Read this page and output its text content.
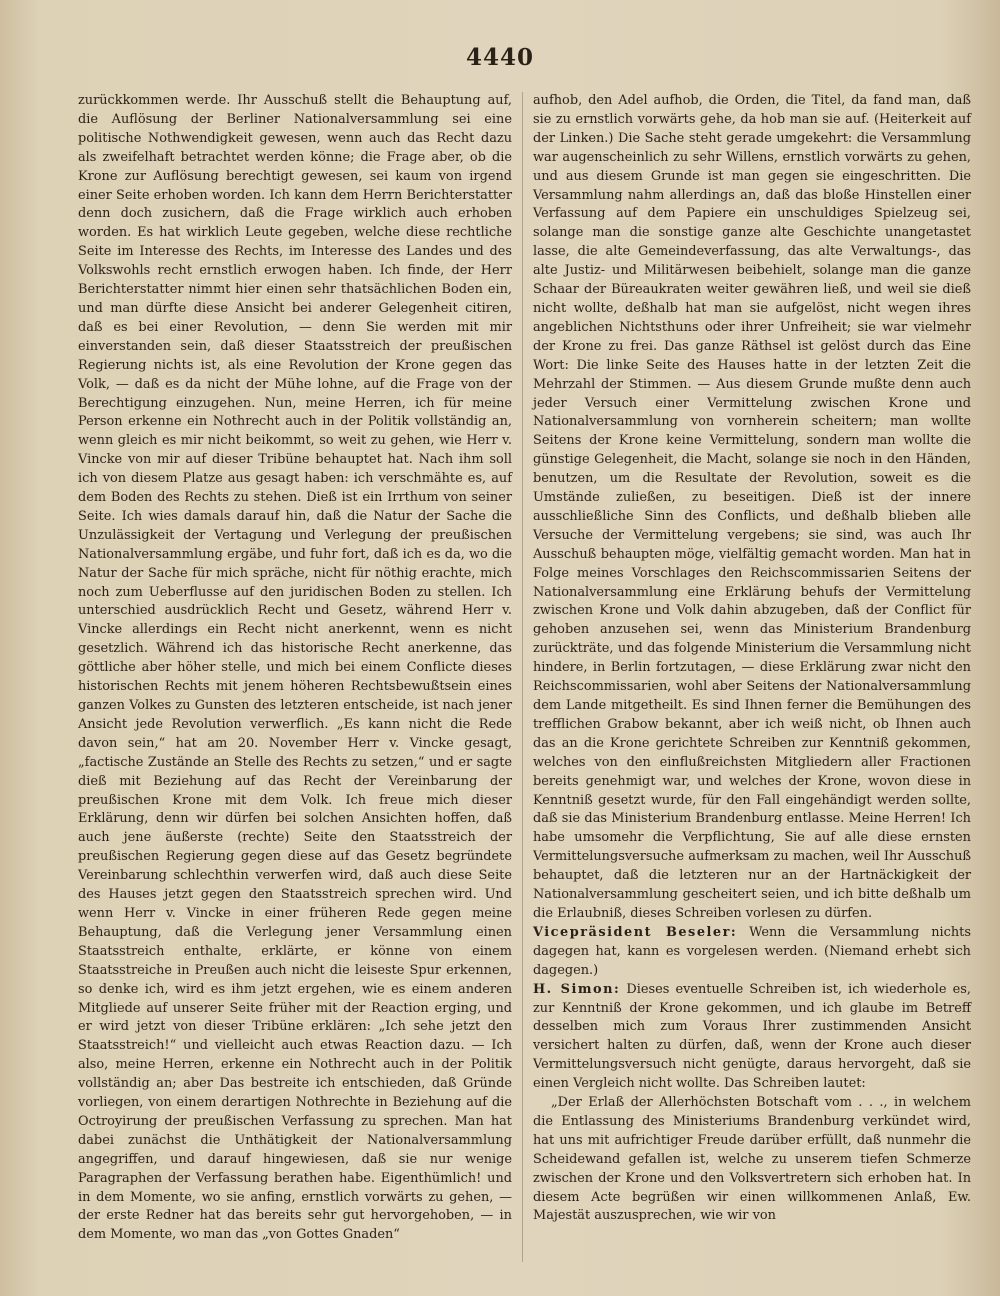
4440

zurückkommen werde. Ihr Ausschuß stellt die Behauptung auf, die Auflösung der Berliner Nationalversammlung sei eine politische Nothwendigkeit gewesen, wenn auch das Recht dazu als zweifelhaft betrachtet werden könne; die Frage aber, ob die Krone zur Auflösung berechtigt gewesen, sei kaum von irgend einer Seite erhoben worden. Ich kann dem Herrn Berichterstatter denn doch zusichern, daß die Frage wirklich auch erhoben worden. Es hat wirklich Leute gegeben, welche diese rechtliche Seite im Interesse des Rechts, im Interesse des Landes und des Volkswohls recht ernstlich erwogen haben. Ich finde, der Herr Berichterstatter nimmt hier einen sehr thatsächlichen Boden ein, und man dürfte diese Ansicht bei anderer Gelegenheit citiren, daß es bei einer Revolution, — denn Sie werden mit mir einverstanden sein, daß dieser Staatsstreich der preußischen Regierung nichts ist, als eine Revolution der Krone gegen das Volk, — daß es da nicht der Mühe lohne, auf die Frage von der Berechtigung einzugehen. Nun, meine Herren, ich für meine Person erkenne ein Nothrecht auch in der Politik vollständig an, wenn gleich es mir nicht beikommt, so weit zu gehen, wie Herr v. Vincke von mir auf dieser Tribüne behauptet hat. Nach ihm soll ich von diesem Platze aus gesagt haben: ich verschmähte es, auf dem Boden des Rechts zu stehen. Dieß ist ein Irrthum von seiner Seite. Ich wies damals darauf hin, daß die Natur der Sache die Unzulässigkeit der Vertagung und Verlegung der preußischen Nationalversammlung ergäbe, und fuhr fort, daß ich es da, wo die Natur der Sache für mich spräche, nicht für nöthig erachte, mich noch zum Ueberflusse auf den juridischen Boden zu stellen. Ich unterschied ausdrücklich Recht und Gesetz, während Herr v. Vincke allerdings ein Recht nicht anerkennt, wenn es nicht gesetzlich. Während ich das historische Recht anerkenne, das göttliche aber höher stelle, und mich bei einem Conflicte dieses historischen Rechts mit jenem höheren Rechtsbewußtsein eines ganzen Volkes zu Gunsten des letzteren entscheide, ist nach jener Ansicht jede Revolution verwerflich. „Es kann nicht die Rede davon sein,“ hat am 20. November Herr v. Vincke gesagt, „factische Zustände an Stelle des Rechts zu setzen,“ und er sagte dieß mit Beziehung auf das Recht der Vereinbarung der preußischen Krone mit dem Volk. Ich freue mich dieser Erklärung, denn wir dürfen bei solchen Ansichten hoffen, daß auch jene äußerste (rechte) Seite den Staatsstreich der preußischen Regierung gegen diese auf das Gesetz begründete Vereinbarung schlechthin verwerfen wird, daß auch diese Seite des Hauses jetzt gegen den Staatsstreich sprechen wird. Und wenn Herr v. Vincke in einer früheren Rede gegen meine Behauptung, daß die Verlegung jener Versammlung einen Staatsstreich enthalte, erklärte, er könne von einem Staatsstreiche in Preußen auch nicht die leiseste Spur erkennen, so denke ich, wird es ihm jetzt ergehen, wie es einem anderen Mitgliede auf unserer Seite früher mit der Reaction erging, und er wird jetzt von dieser Tribüne erklären: „Ich sehe jetzt den Staatsstreich!“ und vielleicht auch etwas Reaction dazu. — Ich also, meine Herren, erkenne ein Nothrecht auch in der Politik vollständig an; aber Das bestreite ich entschieden, daß Gründe vorliegen, von einem derartigen Nothrechte in Beziehung auf die Octroyirung der preußischen Verfassung zu sprechen. Man hat dabei zunächst die Unthätigkeit der Nationalversammlung angegriffen, und darauf hingewiesen, daß sie nur wenige Paragraphen der Verfassung berathen habe. Eigenthümlich! und in dem Momente, wo sie anfing, ernstlich vorwärts zu gehen, — der erste Redner hat das bereits sehr gut hervorgehoben, — in dem Momente, wo man das „von Gottes Gnaden“

aufhob, den Adel aufhob, die Orden, die Titel, da fand man, daß sie zu ernstlich vorwärts gehe, da hob man sie auf. (Heiterkeit auf der Linken.) Die Sache steht gerade umgekehrt: die Versammlung war augenscheinlich zu sehr Willens, ernstlich vorwärts zu gehen, und aus diesem Grunde ist man gegen sie eingeschritten. Die Versammlung nahm allerdings an, daß das bloße Hinstellen einer Verfassung auf dem Papiere ein unschuldiges Spielzeug sei, solange man die sonstige ganze alte Geschichte unangetastet lasse, die alte Gemeindeverfassung, das alte Verwaltungs-, das alte Justiz- und Militärwesen beibehielt, solange man die ganze Schaar der Büreaukraten weiter gewähren ließ, und weil sie dieß nicht wollte, deßhalb hat man sie aufgelöst, nicht wegen ihres angeblichen Nichtsthuns oder ihrer Unfreiheit; sie war vielmehr der Krone zu frei. Das ganze Räthsel ist gelöst durch das Eine Wort: Die linke Seite des Hauses hatte in der letzten Zeit die Mehrzahl der Stimmen. — Aus diesem Grunde mußte denn auch jeder Versuch einer Vermittelung zwischen Krone und Nationalversammlung von vornherein scheitern; man wollte Seitens der Krone keine Vermittelung, sondern man wollte die günstige Gelegenheit, die Macht, solange sie noch in den Händen, benutzen, um die Resultate der Revolution, soweit es die Umstände zuließen, zu beseitigen. Dieß ist der innere ausschließliche Sinn des Conflicts, und deßhalb blieben alle Versuche der Vermittelung vergebens; sie sind, was auch Ihr Ausschuß behaupten möge, vielfältig gemacht worden. Man hat in Folge meines Vorschlages den Reichscommissarien Seitens der Nationalversammlung eine Erklärung behufs der Vermittelung zwischen Krone und Volk dahin abzugeben, daß der Conflict für gehoben anzusehen sei, wenn das Ministerium Brandenburg zurückträte, und das folgende Ministerium die Versammlung nicht hindere, in Berlin fortzutagen, — diese Erklärung zwar nicht den Reichscommissarien, wohl aber Seitens der Nationalversammlung dem Lande mitgetheilt. Es sind Ihnen ferner die Bemühungen des trefflichen Grabow bekannt, aber ich weiß nicht, ob Ihnen auch das an die Krone gerichtete Schreiben zur Kenntniß gekommen, welches von den einflußreichsten Mitgliedern aller Fractionen bereits genehmigt war, und welches der Krone, wovon diese in Kenntniß gesetzt wurde, für den Fall eingehändigt werden sollte, daß sie das Ministerium Brandenburg entlasse. Meine Herren! Ich habe umsomehr die Verpflichtung, Sie auf alle diese ernsten Vermittelungsversuche aufmerksam zu machen, weil Ihr Ausschuß behauptet, daß die letzteren nur an der Hartnäckigkeit der Nationalversammlung gescheitert seien, und ich bitte deßhalb um die Erlaubniß, dieses Schreiben vorlesen zu dürfen.

Vicepräsident Beseler: Wenn die Versammlung nichts dagegen hat, kann es vorgelesen werden. (Niemand erhebt sich dagegen.)

H. Simon: Dieses eventuelle Schreiben ist, ich wiederhole es, zur Kenntniß der Krone gekommen, und ich glaube im Betreff desselben mich zum Voraus Ihrer zustimmenden Ansicht versichert halten zu dürfen, daß, wenn der Krone auch dieser Vermittelungsversuch nicht genügte, daraus hervorgeht, daß sie einen Vergleich nicht wollte. Das Schreiben lautet:

„Der Erlaß der Allerhöchsten Botschaft vom . . ., in welchem die Entlassung des Ministeriums Brandenburg verkündet wird, hat uns mit aufrichtiger Freude darüber erfüllt, daß nunmehr die Scheidewand gefallen ist, welche zu unserem tiefen Schmerze zwischen der Krone und den Volksvertretern sich erhoben hat. In diesem Acte begrüßen wir einen willkommenen Anlaß, Ew. Majestät auszusprechen, wie wir von
